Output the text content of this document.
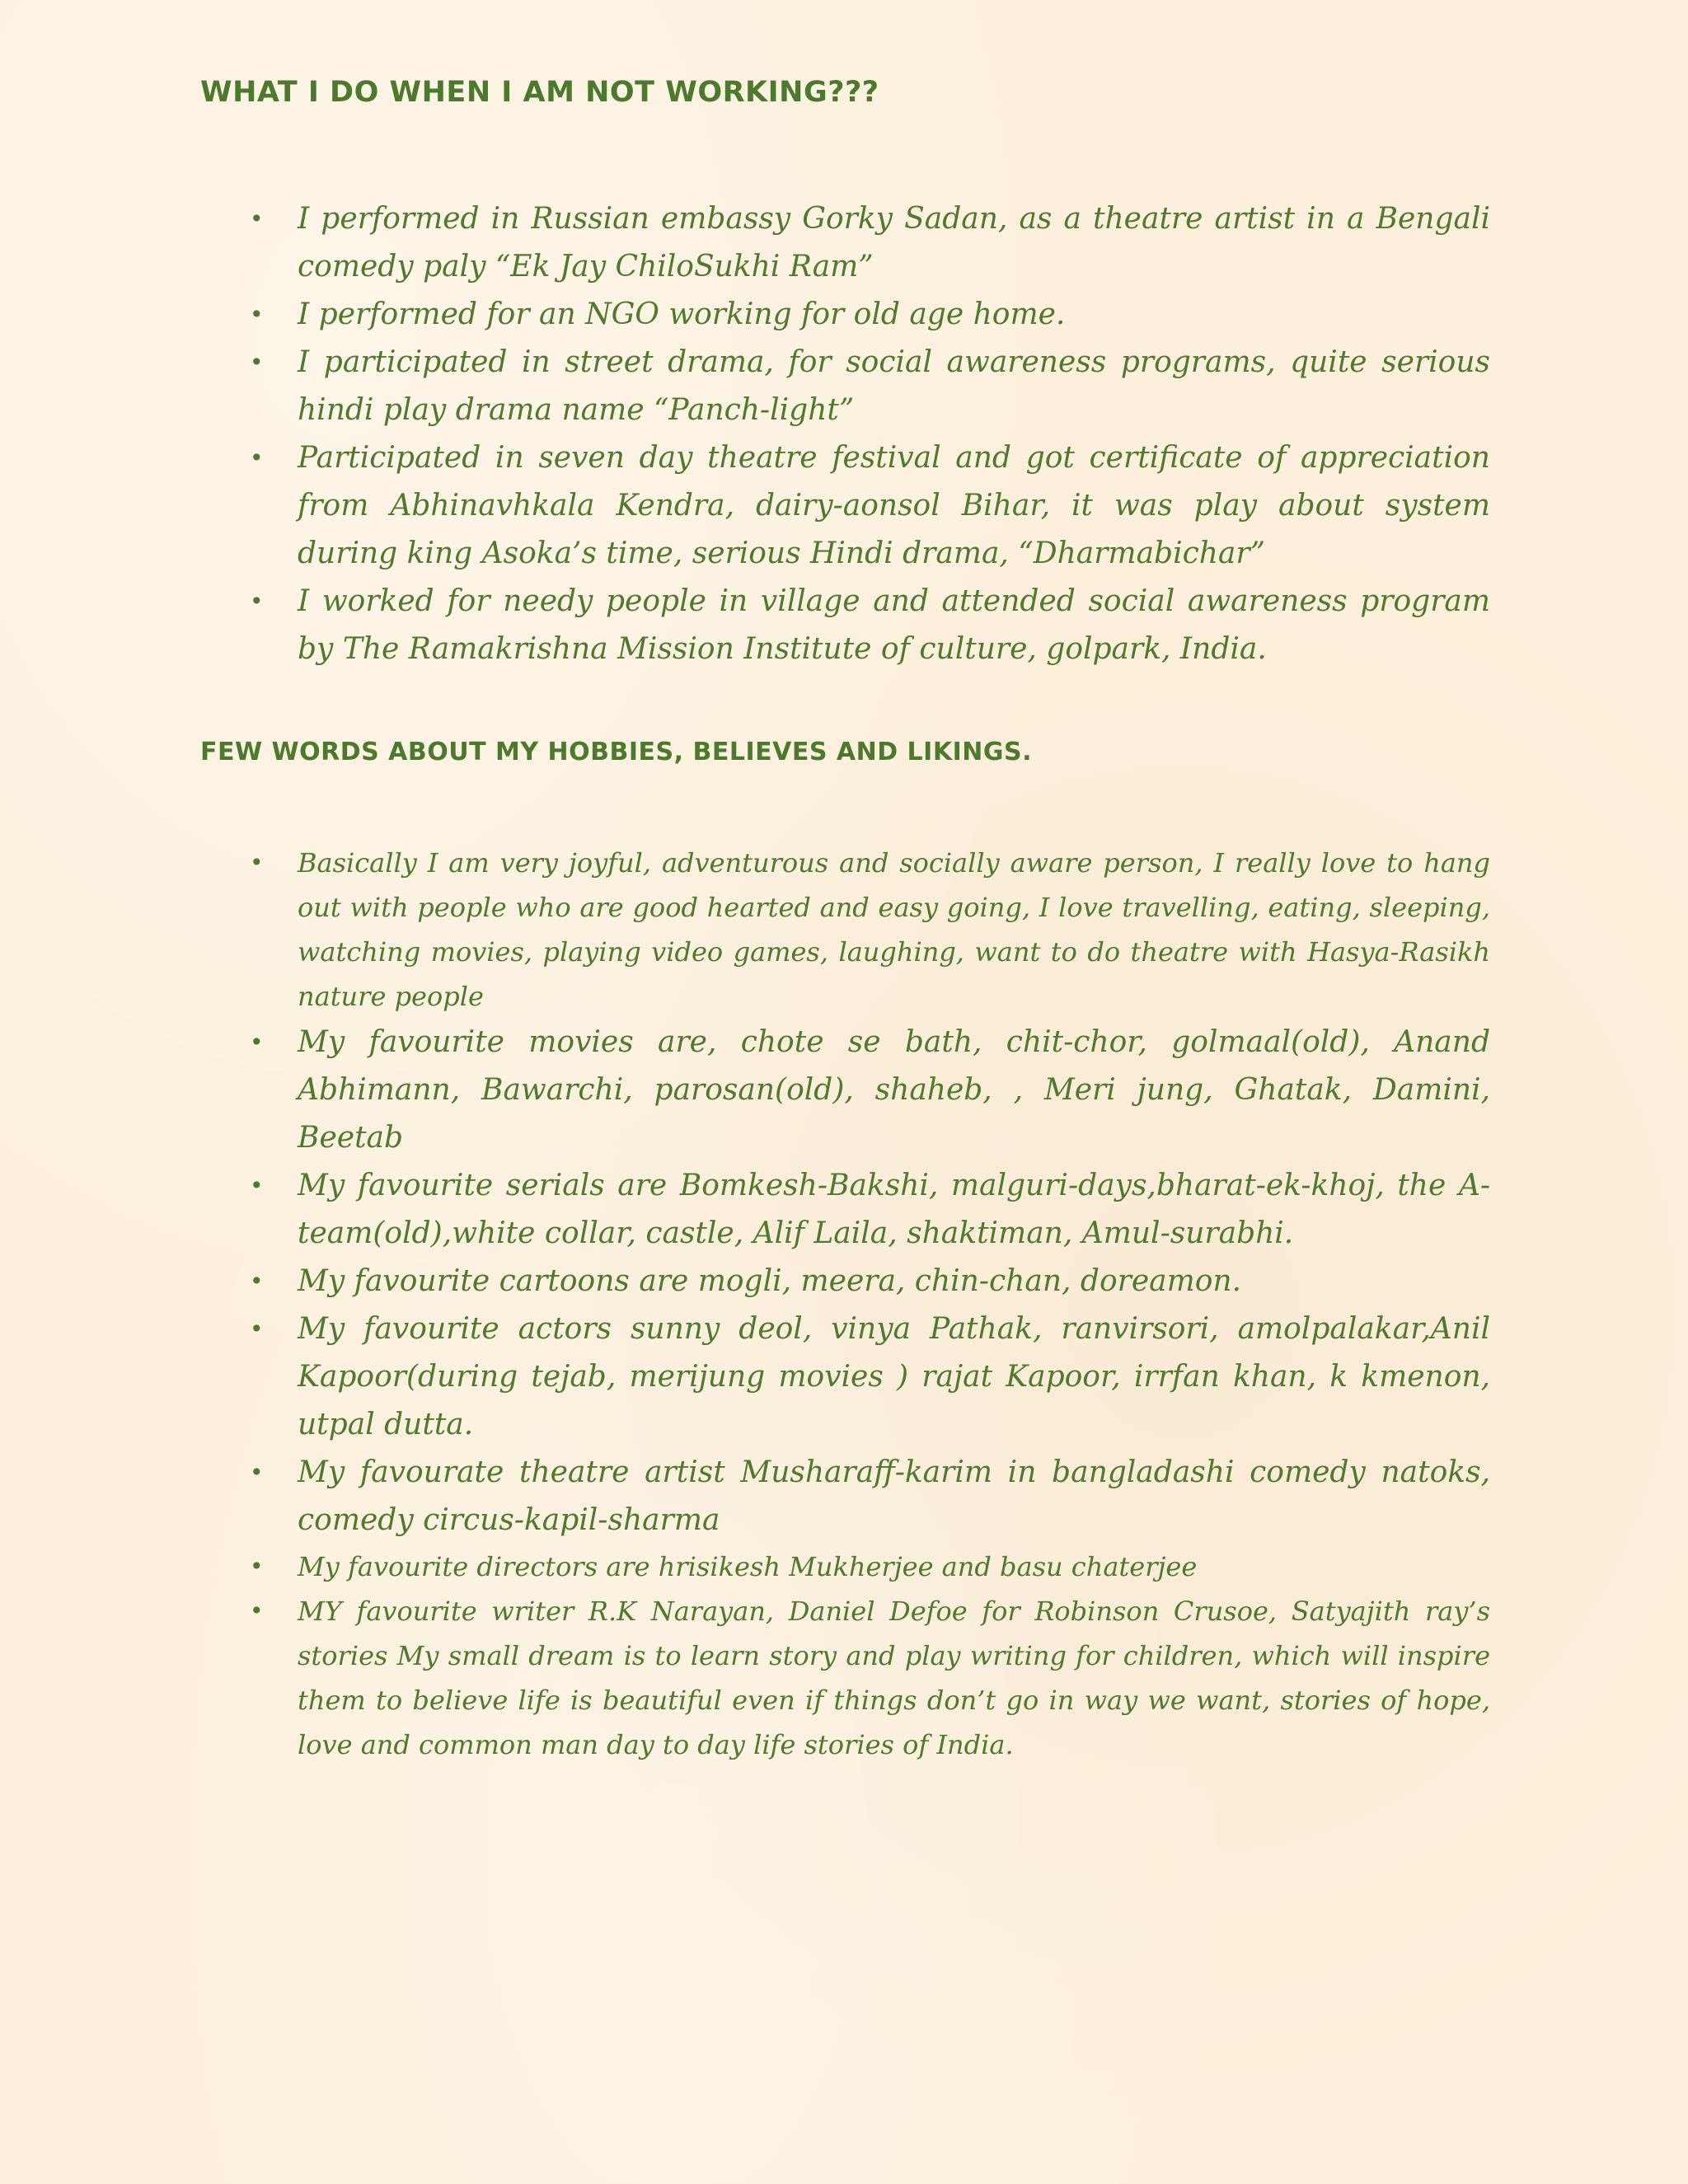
WHAT I DO WHEN I AM NOT WORKING???
• I performed in Russian embassy Gorky Sadan, as a theatre artist in a Bengali comedy paly “Ek Jay ChiloSukhi Ram”
• I performed for an NGO working for old age home.
• I participated in street drama, for social awareness programs, quite serious hindi play drama name “Panch-light”
• Participated in seven day theatre festival and got certificate of appreciation from Abhinavhkala Kendra, dairy-aonsol Bihar, it was play about system during king Asoka’s time, serious Hindi drama, “Dharmabichar”
• I worked for needy people in village and attended social awareness program by The Ramakrishna Mission Institute of culture, golpark, India.
FEW WORDS ABOUT MY HOBBIES, BELIEVES AND LIKINGS.
• Basically I am very joyful, adventurous and socially aware person, I really love to hang out with people who are good hearted and easy going, I love travelling, eating, sleeping, watching movies, playing video games, laughing, want to do theatre with Hasya-Rasikh nature people
• My favourite movies are, chote se bath, chit-chor, golmaal(old), Anand Abhimann, Bawarchi, parosan(old), shaheb, , Meri jung, Ghatak, Damini, Beetab
• My favourite serials are Bomkesh-Bakshi, malguri-days,bharat-ek-khoj, the A-team(old),white collar, castle, Alif Laila, shaktiman, Amul-surabhi.
• My favourite cartoons are mogli, meera, chin-chan, doreamon.
• My favourite actors sunny deol, vinya Pathak, ranvirsori, amolpalakar,Anil Kapoor(during tejab, merijung movies ) rajat Kapoor, irrfan khan, k kmenon, utpal dutta.
• My favourate theatre artist Musharaff-karim in bangladashi comedy natoks, comedy circus-kapil-sharma
• My favourite directors are hrisikesh Mukherjee and basu chaterjee
• MY favourite writer R.K Narayan, Daniel Defoe for Robinson Crusoe, Satyajith ray’s stories My small dream is to learn story and play writing for children, which will inspire them to believe life is beautiful even if things don’t go in way we want, stories of hope, love and common man day to day life stories of India.
